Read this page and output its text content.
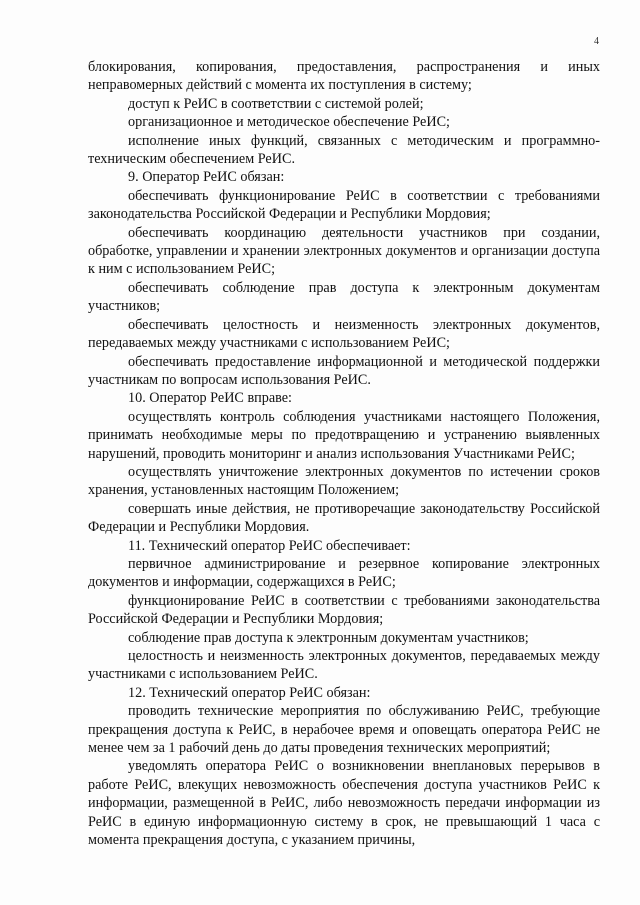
4

блокирования, копирования, предоставления, распространения и иных неправомерных действий с момента их поступления в систему;

доступ к РеИС в соответствии с системой ролей;

организационное и методическое обеспечение РеИС;

исполнение иных функций, связанных с методическим и программно-техническим обеспечением РеИС.

9. Оператор РеИС обязан:

обеспечивать функционирование РеИС в соответствии с требованиями законодательства Российской Федерации и Республики Мордовия;

обеспечивать координацию деятельности участников при создании, обработке, управлении и хранении электронных документов и организации доступа к ним с использованием РеИС;

обеспечивать соблюдение прав доступа к электронным документам участников;

обеспечивать целостность и неизменность электронных документов, передаваемых между участниками с использованием РеИС;

обеспечивать предоставление информационной и методической поддержки участникам по вопросам использования РеИС.

10. Оператор РеИС вправе:

осуществлять контроль соблюдения участниками настоящего Положения, принимать необходимые меры по предотвращению и устранению выявленных нарушений, проводить мониторинг и анализ использования Участниками РеИС;

осуществлять уничтожение электронных документов по истечении сроков хранения, установленных настоящим Положением;

совершать иные действия, не противоречащие законодательству Российской Федерации и Республики Мордовия.

11. Технический оператор РеИС обеспечивает:

первичное администрирование и резервное копирование электронных документов и информации, содержащихся в РеИС;

функционирование РеИС в соответствии с требованиями законодательства Российской Федерации и Республики Мордовия;

соблюдение прав доступа к электронным документам участников;

целостность и неизменность электронных документов, передаваемых между участниками с использованием РеИС.

12. Технический оператор РеИС обязан:

проводить технические мероприятия по обслуживанию РеИС, требующие прекращения доступа к РеИС, в нерабочее время и оповещать оператора РеИС не менее чем за 1 рабочий день до даты проведения технических мероприятий;

уведомлять оператора РеИС о возникновении внеплановых перерывов в работе РеИС, влекущих невозможность обеспечения доступа участников РеИС к информации, размещенной в РеИС, либо невозможность передачи информации из РеИС в единую информационную систему в срок, не превышающий 1 часа с момента прекращения доступа, с указанием причины,
